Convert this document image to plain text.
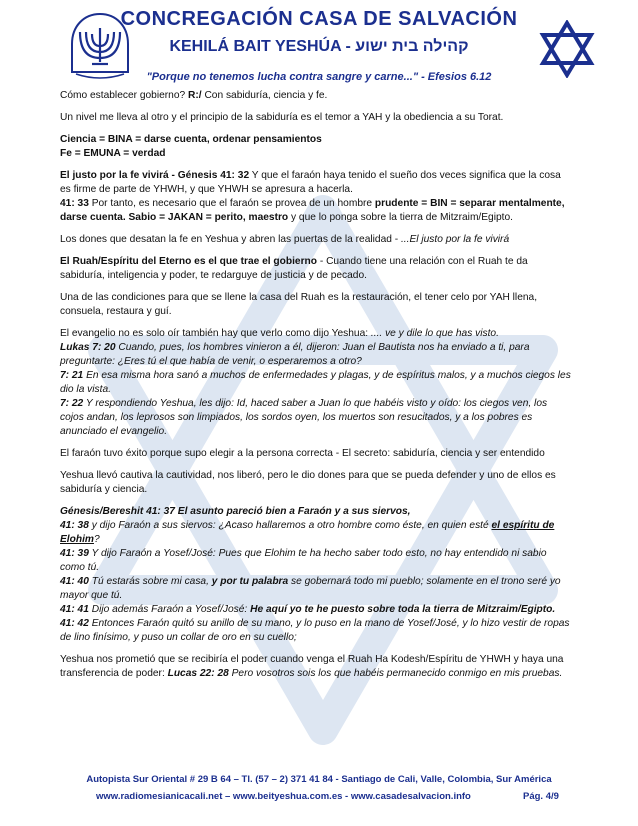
CONCREGACIÓN CASA DE SALVACIÓN
KEHILÁ BAIT YESHÚA - קהילה בית ישוע
"Porque no tenemos lucha contra sangre y carne..." - Efesios 6.12

Cómo establecer gobierno? R:/ Con sabiduría, ciencia y fe.

Un nivel me lleva al otro y el principio de la sabiduría es el temor a YAH y la obediencia a su Torat.

Ciencia = BINA = darse cuenta, ordenar pensamientos

Fe = EMUNA = verdad

El justo por la fe vivirá - Génesis 41: 32 Y que el faraón haya tenido el sueño dos veces significa que la cosa es firme de parte de YHWH, y que YHWH se apresura a hacerla.

41: 33 Por tanto, es necesario que el faraón se provea de un hombre prudente = BIN = separar mentalmente, darse cuenta. Sabio = JAKAN = perito, maestro y que lo ponga sobre la tierra de Mitzraim/Egipto.

Los dones que desatan la fe en Yeshua y abren las puertas de la realidad - ...El justo por la fe vivirá

El Ruah/Espíritu del Eterno es el que trae el gobierno - Cuando tiene una relación con el Ruah te da sabiduría, inteligencia y poder, te redarguye de justicia y de pecado.

Una de las condiciones para que se llene la casa del Ruah es la restauración, el tener celo por YAH llena, consuela, restaura y guí.

El evangelio no es solo oír también hay que verlo como dijo Yeshua: .... ve y dile lo que has visto.

Lukas 7: 20 Cuando, pues, los hombres vinieron a él, dijeron: Juan el Bautista nos ha enviado a ti, para preguntarte: ¿Eres tú el que había de venir, o esperaremos a otro?

7: 21 En esa misma hora sanó a muchos de enfermedades y plagas, y de espíritus malos, y a muchos ciegos les dio la vista.

7: 22 Y respondiendo Yeshua, les dijo: Id, haced saber a Juan lo que habéis visto y oído: los ciegos ven, los cojos andan, los leprosos son limpiados, los sordos oyen, los muertos son resucitados, y a los pobres es anunciado el evangelio.

El faraón tuvo éxito porque supo elegir a la persona correcta - El secreto: sabiduría, ciencia y ser entendido

Yeshua llevó cautiva la cautividad, nos liberó, pero le dio dones para que se pueda defender y uno de ellos es sabiduría y ciencia.

Génesis/Bereshit 41: 37 El asunto pareció bien a Faraón y a sus siervos,

41: 38 y dijo Faraón a sus siervos: ¿Acaso hallaremos a otro hombre como éste, en quien esté el espíritu de Elohim?

41: 39 Y dijo Faraón a Yosef/José: Pues que Elohim te ha hecho saber todo esto, no hay entendido ni sabio como tú.

41: 40 Tú estarás sobre mi casa, y por tu palabra se gobernará todo mi pueblo; solamente en el trono seré yo mayor que tú.

41: 41 Dijo además Faraón a Yosef/José: He aquí yo te he puesto sobre toda la tierra de Mitzraim/Egipto.

41: 42 Entonces Faraón quitó su anillo de su mano, y lo puso en la mano de Yosef/José, y lo hizo vestir de ropas de lino finísimo, y puso un collar de oro en su cuello;

Yeshua nos prometió que se recibiría el poder cuando venga el Ruah Ha Kodesh/Espíritu de YHWH y haya una transferencia de poder: Lucas 22: 28 Pero vosotros sois los que habéis permanecido conmigo en mis pruebas.

Autopista Sur Oriental # 29 B 64 – Tl. (57 – 2) 371 41 84 - Santiago de Cali, Valle, Colombia, Sur América
www.radiomesianicacali.net – www.beityeshua.com.es - www.casadesalvacion.info	Pág. 4/9
